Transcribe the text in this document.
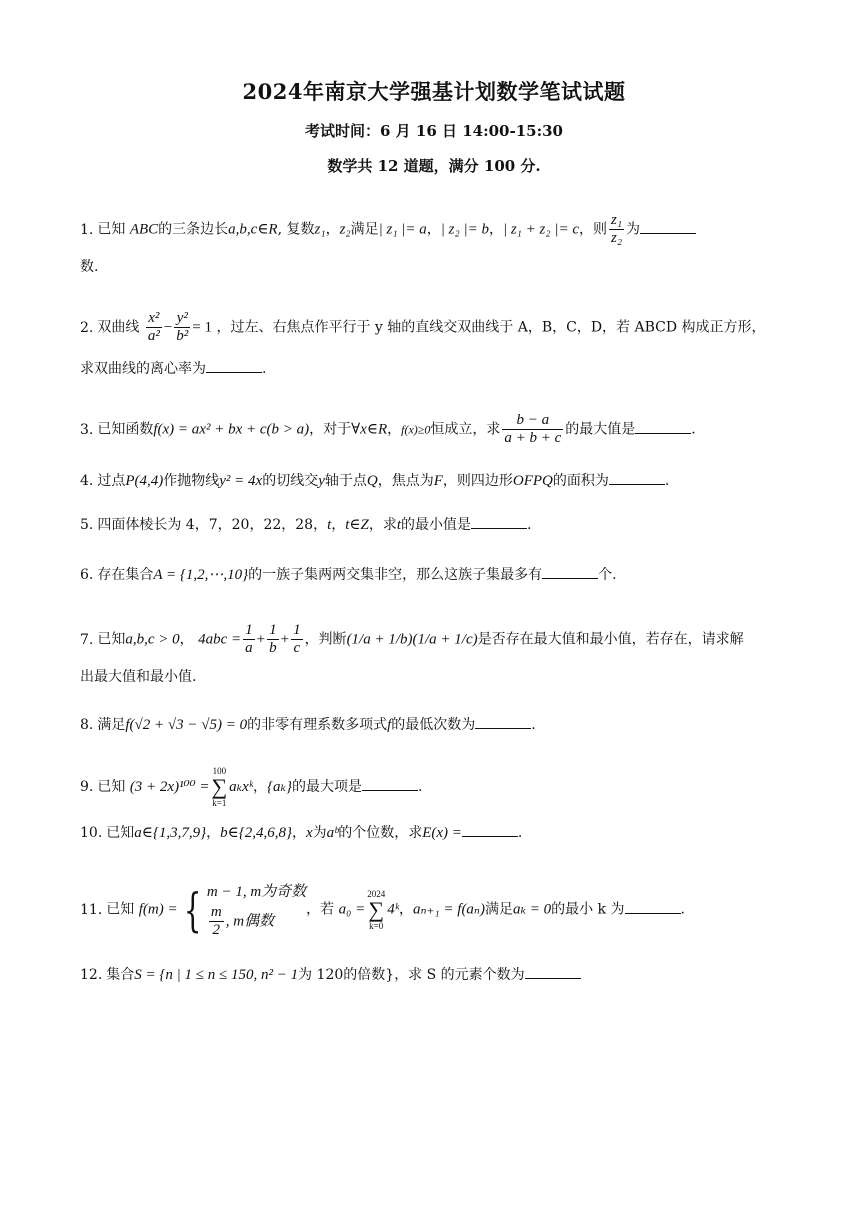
2024年南京大学强基计划数学笔试试题
考试时间：6 月 16 日 14:00-15:30
数学共 12 道题，满分 100 分.
1. 已知 ABC的三条边长a,b,c∈R, 复数z₁，z₂满足| z₁ |= a，| z₂ |= b，| z₁ + z₂ |= c，则 $\frac{\text{z₁}}{\text{z₂}}$ 为
数.
2. 双曲线 $\frac{\text{x²}}{\text{a²}} - \frac{\text{y²}}{\text{b²}} = 1$ ，过左、右焦点作平行于 y 轴的直线交双曲线于 A，B，C，D，若 ABCD 构成正方形，
求双曲线的离心率为	.
3. 已知函数f(x) = ax² + bx + c(b > a)，对于∀x∈R，f(x)≥0恒成立，求 $\frac{b - a}{a + b + c}$ 的最大值是	.
4. 过点P(4,4)作抛物线y² = 4x的切线交y轴于点Q，焦点为F，则四边形OFPQ的面积为	.
5. 四面体棱长为 4，7，20，22，28，t，t∈Z，求t的最小值是	.
6. 存在集合A = {1,2,⋯,10}的一族子集两两交集非空，那么这族子集最多有	个.
7. 已知a,b,c > 0， $4abc = \frac{1}{a} + \frac{1}{b} + \frac{1}{c}$ ，判断(1/a + 1/b)(1/a + 1/c)是否存在最大值和最小值，若存在，请求解
出最大值和最小值.
8. 满足f(√2 + √3 − √5) = 0的非零有理系数多项式f的最低次数为	.
9. 已知 (3 + 2x)¹⁰⁰ =
100
∑
k=1
aₖxᵏ，{aₖ}的最大项是	.
10. 已知a∈{1,3,7,9}，b∈{2,4,6,8}，x为aᵇ的个位数，求E(x) =	.
11. 已知 f(m) = { m − 1, m为奇数
$\frac{m}{2}$ , m偶数
，若 a₀ =
2024
∑
k=0
4ᵏ，aₙ₊₁ = f(aₙ)满足aₖ = 0的最小 k 为	.
12. 集合S = {n | 1 ≤ n ≤ 150, n² − 1为 120的倍数}，求 S 的元素个数为
